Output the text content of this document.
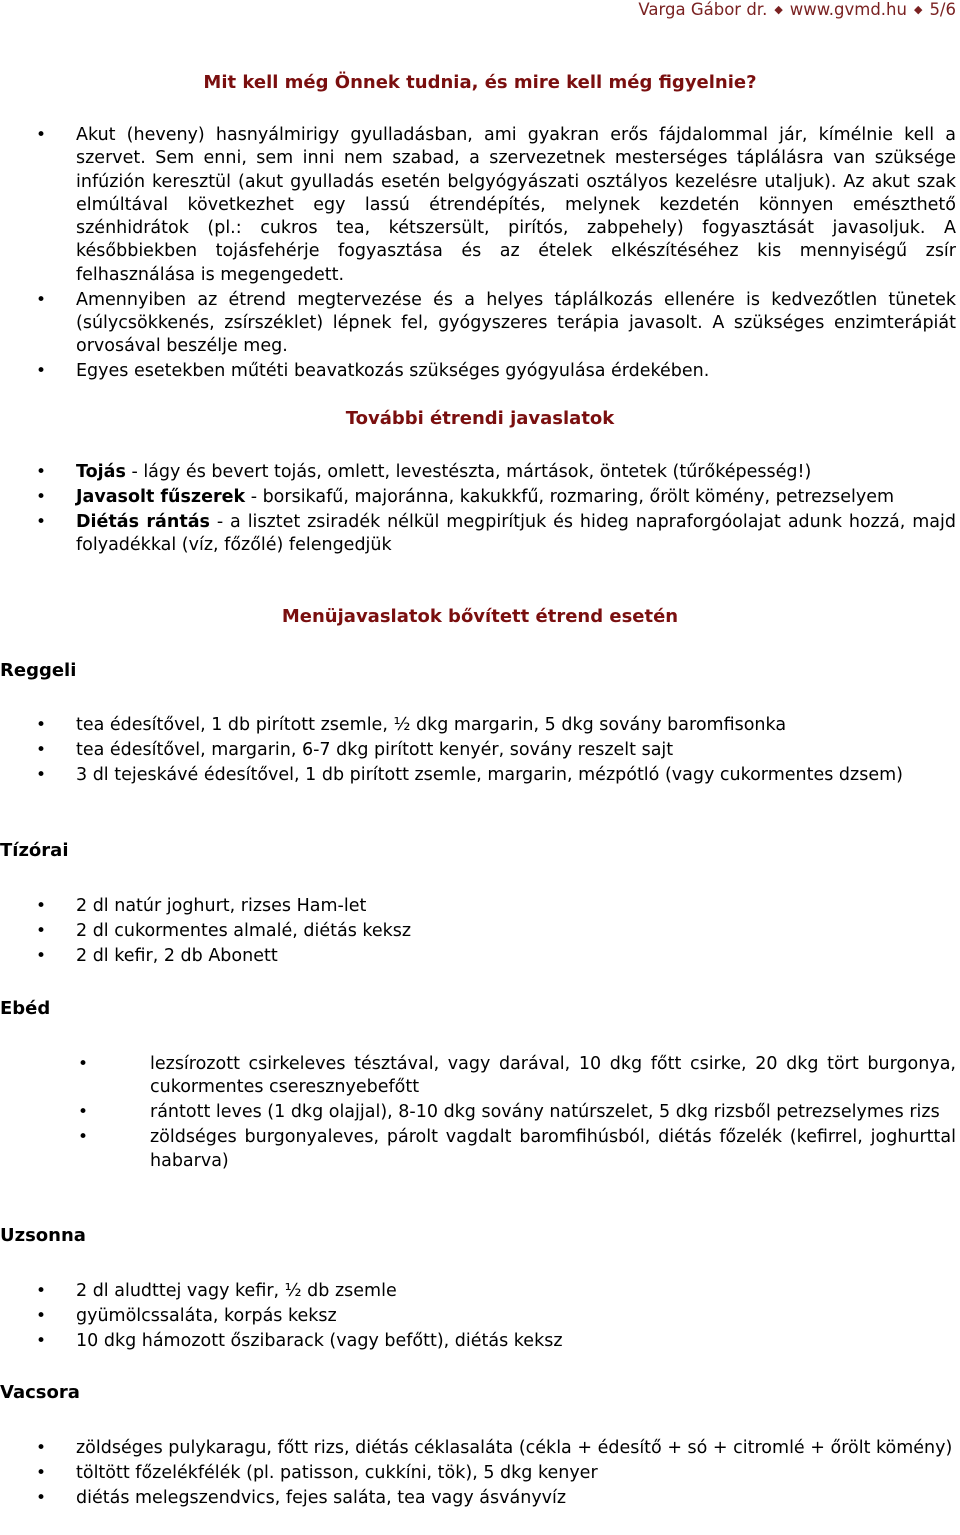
Varga Gábor dr. ◆ www.gvmd.hu ◆ 5/6
Mit kell még Önnek tudnia, és mire kell még figyelnie?
• Akut (heveny) hasnyálmirigy gyulladásban, ami gyakran erős fájdalommal jár, kímélnie kell a szervet. Sem enni, sem inni nem szabad, a szervezetnek mesterséges táplálásra van szüksége infúzión keresztül (akut gyulladás esetén belgyógyászati osztályos kezelésre utaljuk). Az akut szak elmúltával következhet egy lassú étrendépítés, melynek kezdetén könnyen emészthető szénhidrátok (pl.: cukros tea, kétszersült, pirítós, zabpehely) fogyasztását javasoljuk. A későbbiekben tojásfehérje fogyasztása és az ételek elkészítéséhez kis mennyiségű zsír felhasználása is megengedett.
• Amennyiben az étrend megtervezése és a helyes táplálkozás ellenére is kedvezőtlen tünetek (súlycsökkenés, zsírszéklet) lépnek fel, gyógyszeres terápia javasolt. A szükséges enzimterápiát orvosával beszélje meg.
• Egyes esetekben műtéti beavatkozás szükséges gyógyulása érdekében.
További étrendi javaslatok
• Tojás - lágy és bevert tojás, omlett, levestészta, mártások, öntetek (tűrőképesség!)
• Javasolt fűszerek - borsikafű, majoránna, kakukkfű, rozmaring, őrölt kömény, petrezselyem
• Diétás rántás - a lisztet zsiradék nélkül megpirítjuk és hideg napraforgóolajat adunk hozzá, majd folyadékkal (víz, főzőlé) felengedjük
Menüjavaslatok bővített étrend esetén
Reggeli
• tea édesítővel, 1 db pirított zsemle, ½ dkg margarin, 5 dkg sovány baromfisonka
• tea édesítővel, margarin, 6-7 dkg pirított kenyér, sovány reszelt sajt
• 3 dl tejeskávé édesítővel, 1 db pirított zsemle, margarin, mézpótló (vagy cukormentes dzsem)
Tízórai
• 2 dl natúr joghurt, rizses Ham-let
• 2 dl cukormentes almalé, diétás keksz
• 2 dl kefir, 2 db Abonett
Ebéd
•	lezsírozott csirkeleves tésztával, vagy darával, 10 dkg főtt csirke, 20 dkg tört burgonya, cukormentes cseresznyebefőtt
•	rántott leves (1 dkg olajjal), 8-10 dkg sovány natúrszelet, 5 dkg rizsből petrezselymes rizs
•	zöldséges burgonyaleves, párolt vagdalt baromfihúsból, diétás főzelék (kefirrel, joghurttal habarva)
Uzsonna
• 2 dl aludttej vagy kefir, ½ db zsemle
• gyümölcssaláta, korpás keksz
• 10 dkg hámozott őszibarack (vagy befőtt), diétás keksz
Vacsora
• zöldséges pulykaragu, főtt rizs, diétás céklasaláta (cékla + édesítő + só + citromlé + őrölt kömény)
• töltött főzelékfélék (pl. patisson, cukkíni, tök), 5 dkg kenyer
• diétás melegszendvics, fejes saláta, tea vagy ásványvíz
